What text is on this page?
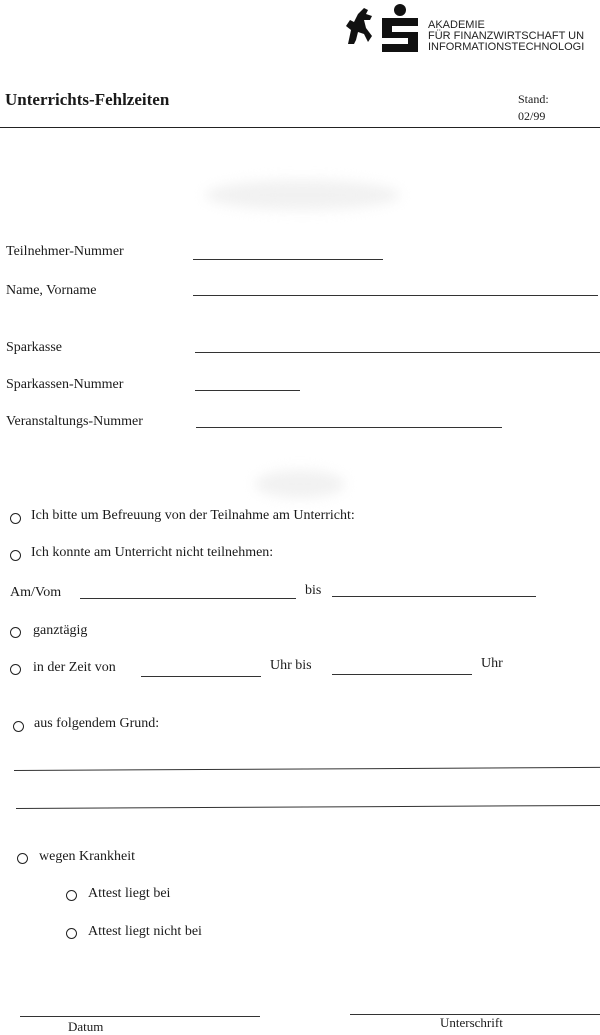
AKADEMIE
FÜR FINANZWIRTSCHAFT UN
INFORMATIONSTECHNOLOGI
Unterrichts-Fehlzeiten	Stand:
02/99
Teilnehmer-Nummer
Name, Vorname
Sparkasse
Sparkassen-Nummer
Veranstaltungs-Nummer
Ich bitte um Befreuung von der Teilnahme am Unterricht:
Ich konnte am Unterricht nicht teilnehmen:
Am/Vom	bis
ganztägig
in der Zeit von	Uhr bis	Uhr
aus folgendem Grund:
wegen Krankheit
Attest liegt bei
Attest liegt nicht bei
Datum	Unterschrift
